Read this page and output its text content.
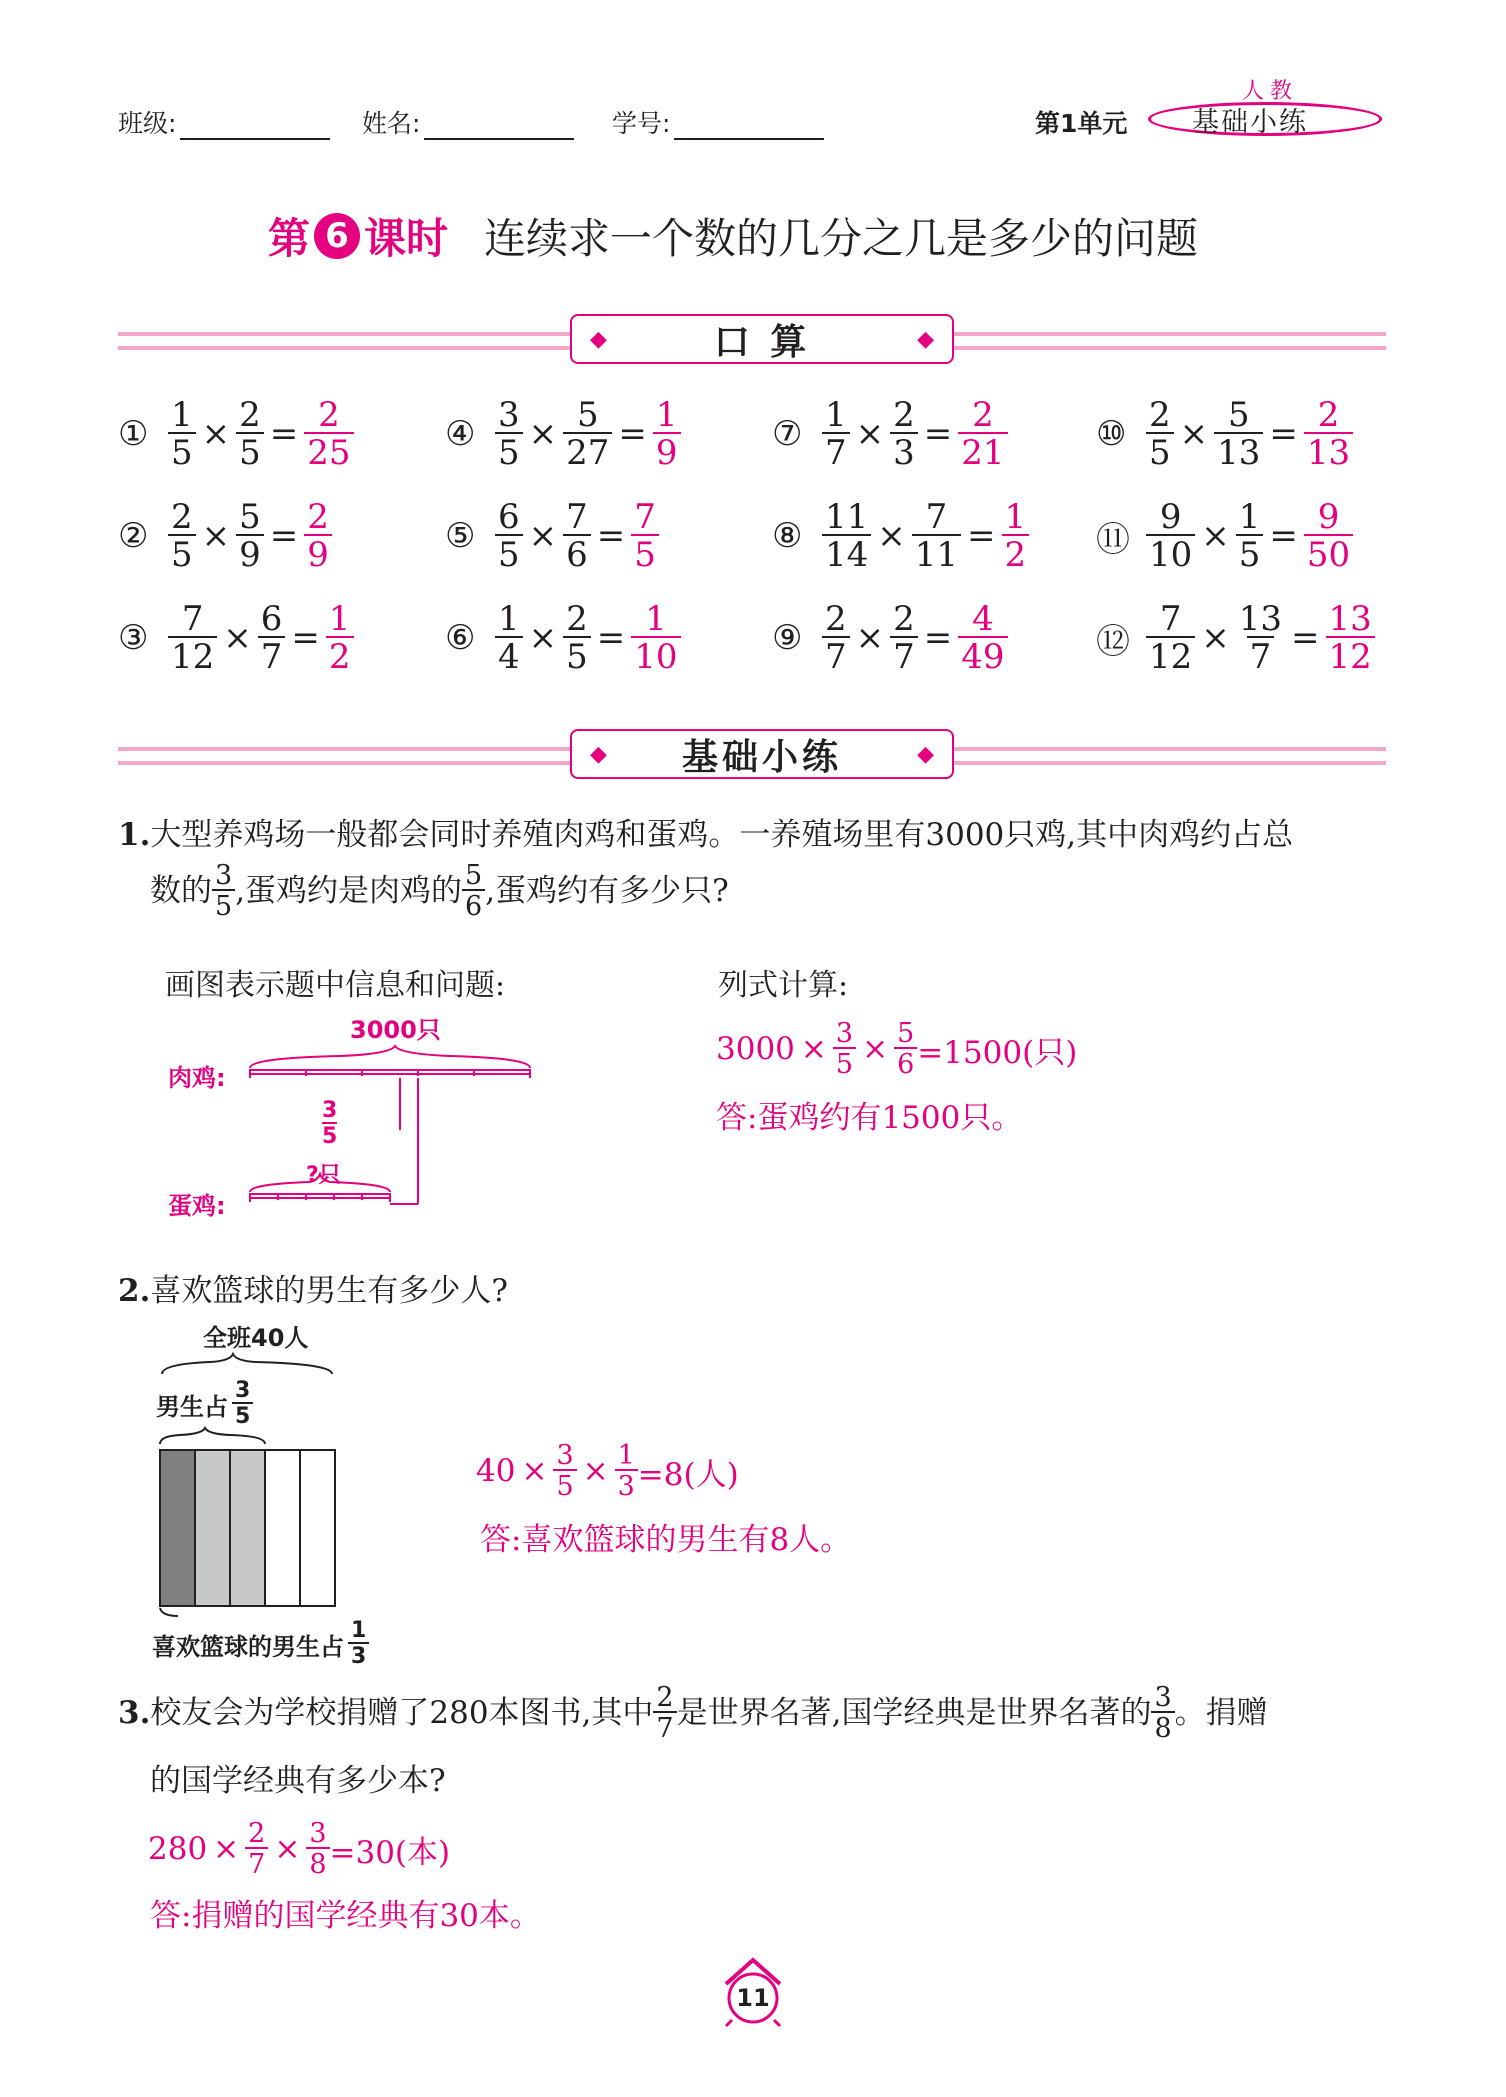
班级:	姓名:	学号:	第1单元
人教
基础小练
第 6 课时 连续求一个数的几分之几是多少的问题
◆	口 算	◆
① $\frac{1}{5} \times \frac{2}{5} = \frac{2}{25}$
② $\frac{2}{5} \times \frac{5}{9} = \frac{2}{9}$
③ $\frac{7}{12} \times \frac{6}{7} = \frac{1}{2}$
④ $\frac{3}{5} \times \frac{5}{27} = \frac{1}{9}$
⑤ $\frac{6}{5} \times \frac{7}{6} = \frac{7}{5}$
⑥ $\frac{1}{4} \times \frac{2}{5} = \frac{1}{10}$
⑦ $\frac{1}{7} \times \frac{2}{3} = \frac{2}{21}$
⑧ $\frac{11}{14} \times \frac{7}{11} = \frac{1}{2}$
⑨ $\frac{2}{7} \times \frac{2}{7} = \frac{4}{49}$
⑩ $\frac{2}{5} \times \frac{5}{13} = \frac{2}{13}$
⑪ $\frac{9}{10} \times \frac{1}{5} = \frac{9}{50}$
⑫ $\frac{7}{12} \times \frac{13}{7} = \frac{13}{12}$
◆ 基础小练	◆
1.大型养鸡场一般都会同时养殖肉鸡和蛋鸡。一养殖场里有3000只鸡,其中肉鸡约占总
数的 3
5 ,蛋鸡约是肉鸡的 5
6 ,蛋鸡约有多少只?
画图表示题中信息和问题:	列式计算:
3000只
肉鸡:
蛋鸡:
3
5
?只
$3000 \times \frac{3}{5} \times \frac{5}{6} =1500$(只)
答:蛋鸡约有1500只。
2.喜欢篮球的男生有多少人?
全班40人
男生占
3
5
喜欢篮球的男生占
1
3
$40 \times \frac{3}{5} \times \frac{1}{3} =8$(人)
答:喜欢篮球的男生有8人。
3. 校友会为学校捐赠了280本图书,其中 2
7 是世界名著,国学经典是世界名著的 3
8 。捐赠
的国学经典有多少本?
$280 \times \frac{2}{7} \times \frac{3}{8} =30$(本)
答:捐赠的国学经典有30本。
11
